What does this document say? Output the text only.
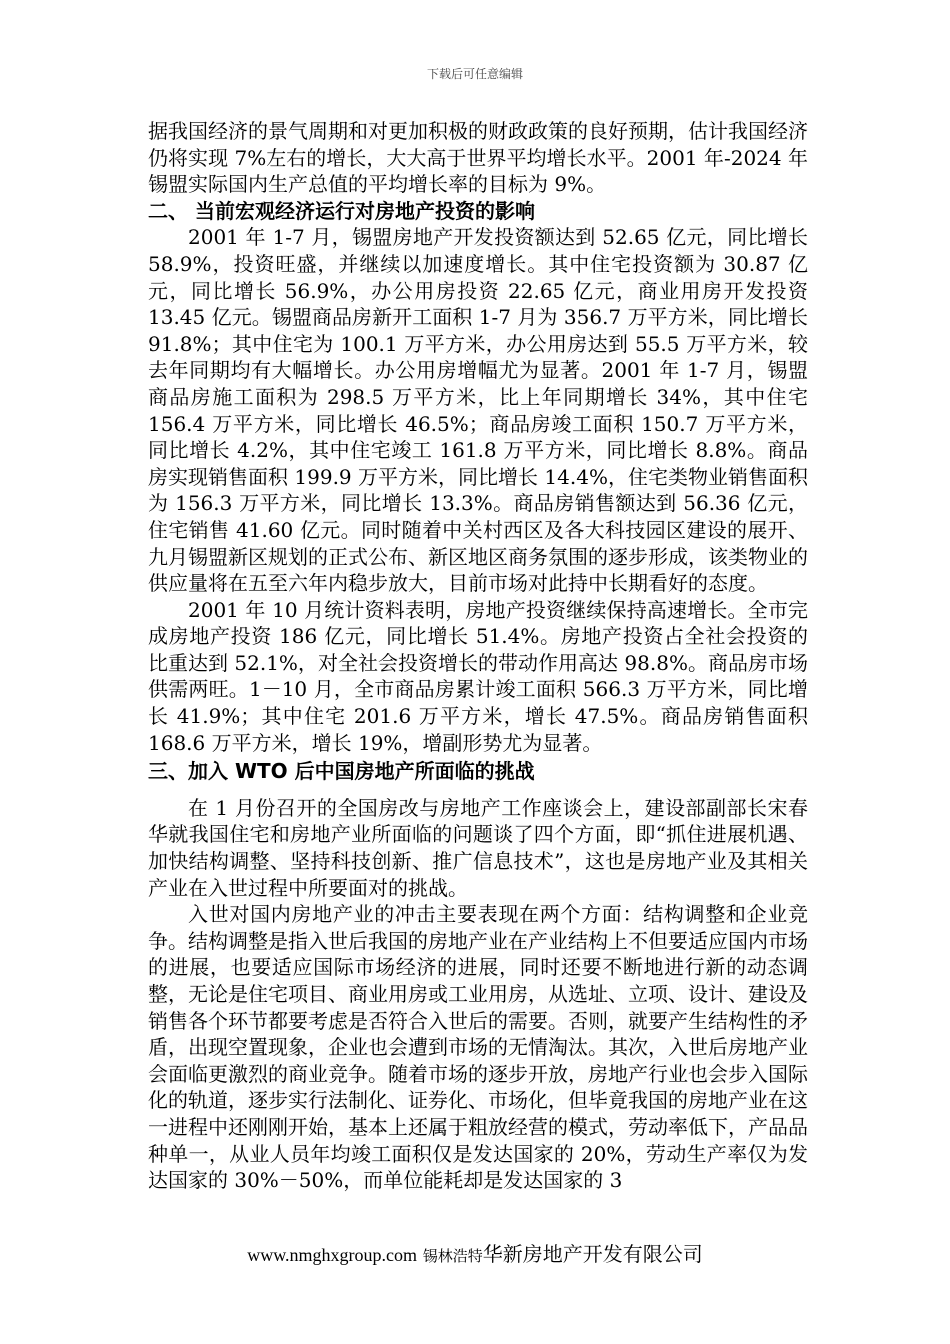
下载后可任意编辑

据我国经济的景气周期和对更加积极的财政政策的良好预期，估计我国经济仍将实现 7%左右的增长，大大高于世界平均增长水平。2001 年-2024 年锡盟实际国内生产总值的平均增长率的目标为 9%。

二、 当前宏观经济运行对房地产投资的影响

2001 年 1-7 月，锡盟房地产开发投资额达到 52.65 亿元，同比增长 58.9%，投资旺盛，并继续以加速度增长。其中住宅投资额为 30.87 亿元，同比增长 56.9%，办公用房投资 22.65 亿元，商业用房开发投资 13.45 亿元。锡盟商品房新开工面积 1-7 月为 356.7 万平方米，同比增长 91.8%；其中住宅为 100.1 万平方米，办公用房达到 55.5 万平方米，较去年同期均有大幅增长。办公用房增幅尤为显著。2001 年 1-7 月，锡盟商品房施工面积为 298.5 万平方米，比上年同期增长 34%，其中住宅 156.4 万平方米，同比增长 46.5%；商品房竣工面积 150.7 万平方米，同比增长 4.2%，其中住宅竣工 161.8 万平方米，同比增长 8.8%。商品房实现销售面积 199.9 万平方米，同比增长 14.4%，住宅类物业销售面积为 156.3 万平方米，同比增长 13.3%。商品房销售额达到 56.36 亿元，住宅销售 41.60 亿元。同时随着中关村西区及各大科技园区建设的展开、九月锡盟新区规划的正式公布、新区地区商务氛围的逐步形成，该类物业的供应量将在五至六年内稳步放大，目前市场对此持中长期看好的态度。

2001 年 10 月统计资料表明，房地产投资继续保持高速增长。全市完成房地产投资 186 亿元，同比增长 51.4%。房地产投资占全社会投资的比重达到 52.1%，对全社会投资增长的带动作用高达 98.8%。商品房市场供需两旺。1－10 月，全市商品房累计竣工面积 566.3 万平方米，同比增长 41.9%；其中住宅 201.6 万平方米，增长 47.5%。商品房销售面积 168.6 万平方米，增长 19%，增副形势尤为显著。

三、加入 WTO 后中国房地产所面临的挑战

在 1 月份召开的全国房改与房地产工作座谈会上，建设部副部长宋春华就我国住宅和房地产业所面临的问题谈了四个方面，即“抓住进展机遇、加快结构调整、坚持科技创新、推广信息技术”，这也是房地产业及其相关产业在入世过程中所要面对的挑战。

入世对国内房地产业的冲击主要表现在两个方面：结构调整和企业竞争。结构调整是指入世后我国的房地产业在产业结构上不但要适应国内市场的进展，也要适应国际市场经济的进展，同时还要不断地进行新的动态调整，无论是住宅项目、商业用房或工业用房，从选址、立项、设计、建设及销售各个环节都要考虑是否符合入世后的需要。否则，就要产生结构性的矛盾，出现空置现象，企业也会遭到市场的无情淘汰。其次，入世后房地产业会面临更激烈的商业竞争。随着市场的逐步开放，房地产行业也会步入国际化的轨道，逐步实行法制化、证券化、市场化，但毕竟我国的房地产业在这一进程中还刚刚开始，基本上还属于粗放经营的模式，劳动率低下，产品品种单一，从业人员年均竣工面积仅是发达国家的 20%，劳动生产率仅为发达国家的 30%－50%，而单位能耗却是发达国家的 3

www.nmghxgroup.com 锡林浩特华新房地产开发有限公司
